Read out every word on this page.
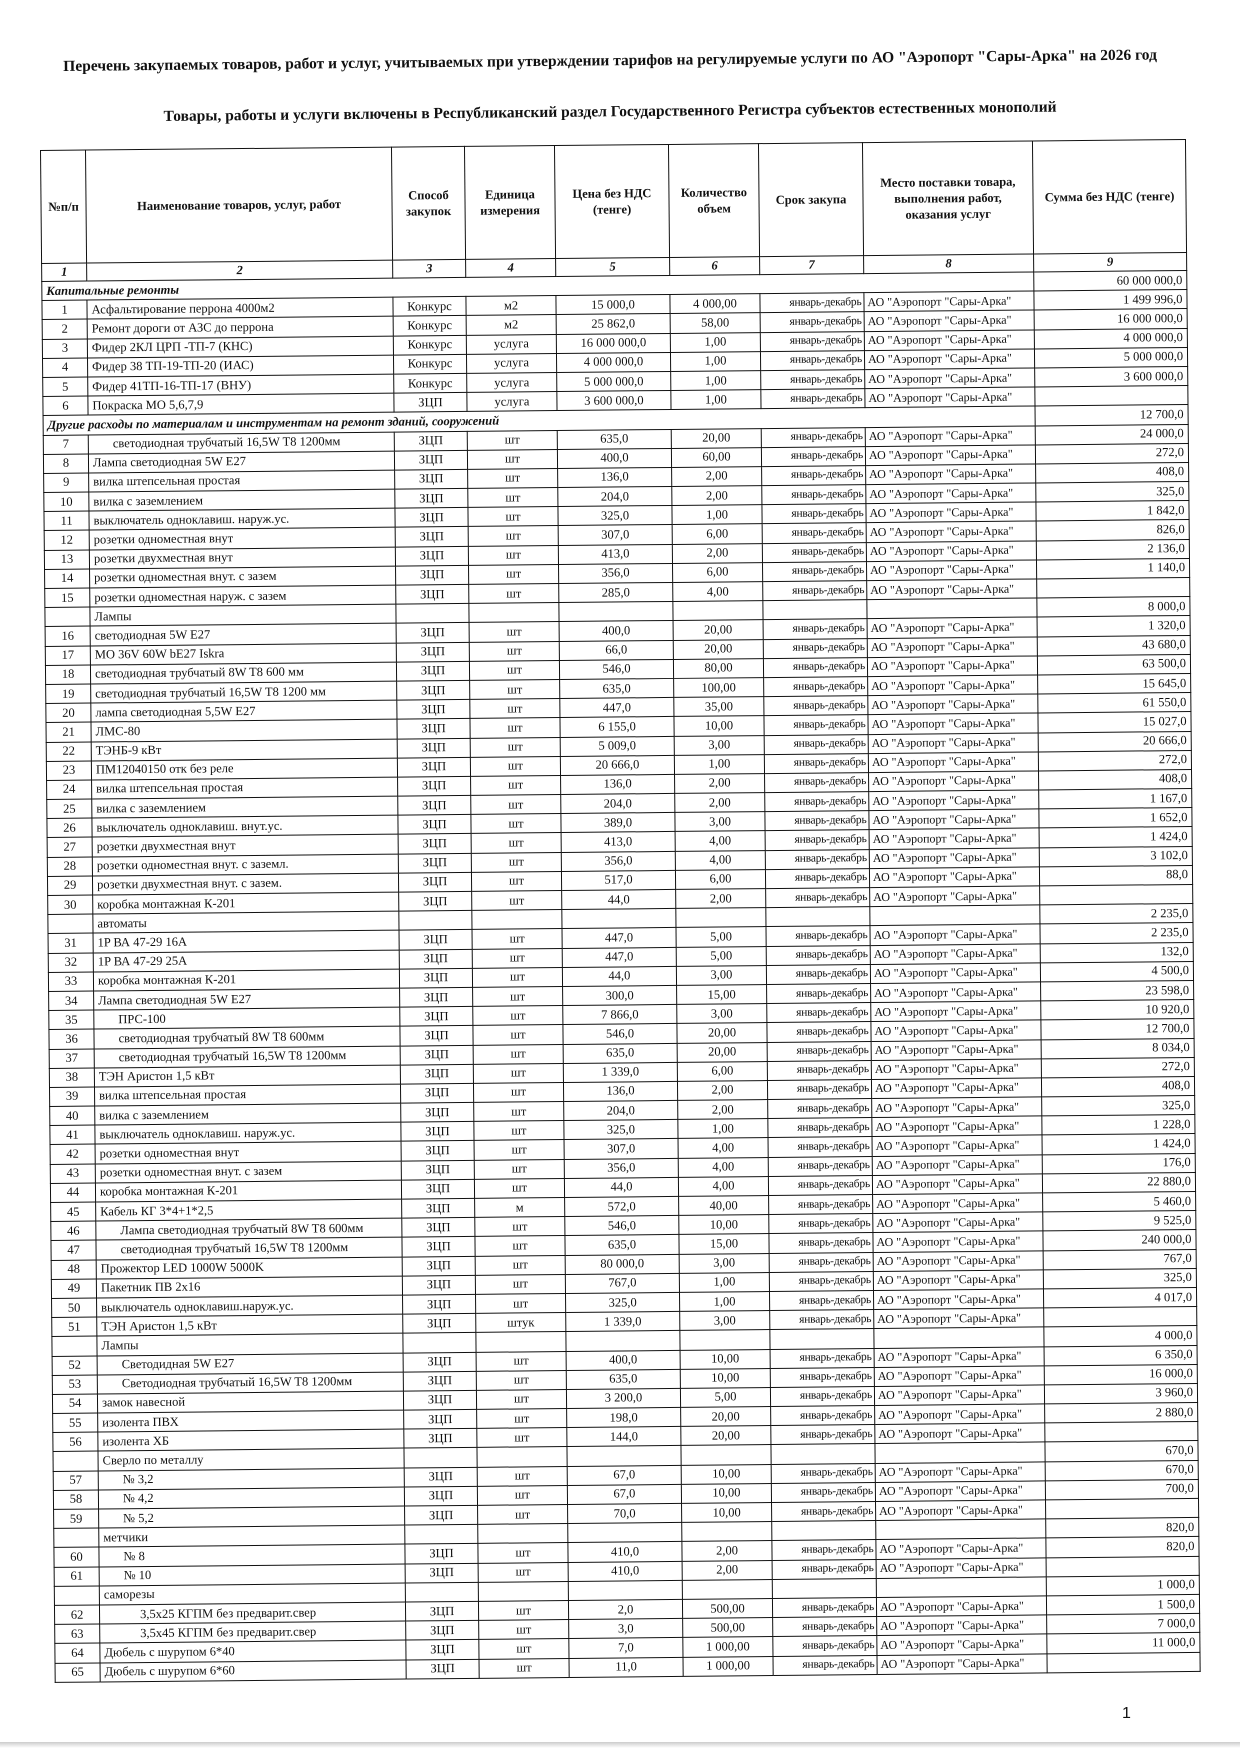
Перечень закупаемых товаров, работ и услуг, учитываемых при утверждении тарифов на регулируемые услуги по АО "Аэропорт "Сары-Арка" на 2026 год
Товары, работы и услуги включены в Республиканский раздел Государственного Регистра субъектов естественных монополий
№п/п	Наименование товаров, услуг, работ	Способ закупок	Единица измерения	Цена без НДС (тенге)	Количество объем	Срок закупа	Место поставки товара, выполнения работ, оказания услуг	Сумма без НДС (тенге)
1	2	3	4	5	6	7	8	9
Капитальные ремонты								60 000 000,0
1	Асфальтирование перрона 4000м2	Конкурс	м2	15 000,0	4 000,00	январь-декабрь	АО "Аэропорт "Сары-Арка"	1 499 996,0
2	Ремонт дороги от АЗС до перрона	Конкурс	м2	25 862,0	58,00	январь-декабрь	АО "Аэропорт "Сары-Арка"	16 000 000,0
3	Фидер 2КЛ ЦРП -ТП-7 (КНС)	Конкурс	услуга	16 000 000,0	1,00	январь-декабрь	АО "Аэропорт "Сары-Арка"	4 000 000,0
4	Фидер 38 ТП-19-ТП-20 (ИАС)	Конкурс	услуга	4 000 000,0	1,00	январь-декабрь	АО "Аэропорт "Сары-Арка"	5 000 000,0
5	Фидер 41ТП-16-ТП-17 (ВНУ)	Конкурс	услуга	5 000 000,0	1,00	январь-декабрь	АО "Аэропорт "Сары-Арка"	3 600 000,0
6	Покраска МО 5,6,7,9	ЗЦП	услуга	3 600 000,0	1,00	январь-декабрь	АО "Аэропорт "Сары-Арка"	
Другие расходы по материалам и инструментам на ремонт зданий, сооружений								12 700,0
7	светодиодная трубчатый 16,5W T8 1200мм	ЗЦП	шт	635,0	20,00	январь-декабрь	АО "Аэропорт "Сары-Арка"	24 000,0
8	Лампа светодиодная 5W E27	ЗЦП	шт	400,0	60,00	январь-декабрь	АО "Аэропорт "Сары-Арка"	272,0
9	вилка штепсельная простая	ЗЦП	шт	136,0	2,00	январь-декабрь	АО "Аэропорт "Сары-Арка"	408,0
10	вилка с заземлением	ЗЦП	шт	204,0	2,00	январь-декабрь	АО "Аэропорт "Сары-Арка"	325,0
11	выключатель одноклавиш. наруж.ус.	ЗЦП	шт	325,0	1,00	январь-декабрь	АО "Аэропорт "Сары-Арка"	1 842,0
12	розетки одноместная внут	ЗЦП	шт	307,0	6,00	январь-декабрь	АО "Аэропорт "Сары-Арка"	826,0
13	розетки двухместная внут	ЗЦП	шт	413,0	2,00	январь-декабрь	АО "Аэропорт "Сары-Арка"	2 136,0
14	розетки одноместная внут. с зазем	ЗЦП	шт	356,0	6,00	январь-декабрь	АО "Аэропорт "Сары-Арка"	1 140,0
15	розетки одноместная наруж. с зазем	ЗЦП	шт	285,0	4,00	январь-декабрь	АО "Аэропорт "Сары-Арка"	
	Лампы							8 000,0
16	светодиодная 5W E27	ЗЦП	шт	400,0	20,00	январь-декабрь	АО "Аэропорт "Сары-Арка"	1 320,0
17	МО 36V 60W bE27 Iskra	ЗЦП	шт	66,0	20,00	январь-декабрь	АО "Аэропорт "Сары-Арка"	43 680,0
18	светодиодная трубчатый 8W T8 600 мм	ЗЦП	шт	546,0	80,00	январь-декабрь	АО "Аэропорт "Сары-Арка"	63 500,0
19	светодиодная трубчатый 16,5W T8 1200 мм	ЗЦП	шт	635,0	100,00	январь-декабрь	АО "Аэропорт "Сары-Арка"	15 645,0
20	лампа светодиодная 5,5W E27	ЗЦП	шт	447,0	35,00	январь-декабрь	АО "Аэропорт "Сары-Арка"	61 550,0
21	ЛМС-80	ЗЦП	шт	6 155,0	10,00	январь-декабрь	АО "Аэропорт "Сары-Арка"	15 027,0
22	ТЭНБ-9 кВт	ЗЦП	шт	5 009,0	3,00	январь-декабрь	АО "Аэропорт "Сары-Арка"	20 666,0
23	ПМ12040150 отк без реле	ЗЦП	шт	20 666,0	1,00	январь-декабрь	АО "Аэропорт "Сары-Арка"	272,0
24	вилка штепсельная простая	ЗЦП	шт	136,0	2,00	январь-декабрь	АО "Аэропорт "Сары-Арка"	408,0
25	вилка с заземлением	ЗЦП	шт	204,0	2,00	январь-декабрь	АО "Аэропорт "Сары-Арка"	1 167,0
26	выключатель одноклавиш. внут.ус.	ЗЦП	шт	389,0	3,00	январь-декабрь	АО "Аэропорт "Сары-Арка"	1 652,0
27	розетки двухместная внут	ЗЦП	шт	413,0	4,00	январь-декабрь	АО "Аэропорт "Сары-Арка"	1 424,0
28	розетки одноместная внут. с заземл.	ЗЦП	шт	356,0	4,00	январь-декабрь	АО "Аэропорт "Сары-Арка"	3 102,0
29	розетки двухместная внут. с зазем.	ЗЦП	шт	517,0	6,00	январь-декабрь	АО "Аэропорт "Сары-Арка"	88,0
30	коробка монтажная К-201	ЗЦП	шт	44,0	2,00	январь-декабрь	АО "Аэропорт "Сары-Арка"	
	автоматы							2 235,0
31	1P ВА 47-29 16А	ЗЦП	шт	447,0	5,00	январь-декабрь	АО "Аэропорт "Сары-Арка"	2 235,0
32	1P ВА 47-29 25А	ЗЦП	шт	447,0	5,00	январь-декабрь	АО "Аэропорт "Сары-Арка"	132,0
33	коробка монтажная К-201	ЗЦП	шт	44,0	3,00	январь-декабрь	АО "Аэропорт "Сары-Арка"	4 500,0
34	Лампа светодиодная 5W E27	ЗЦП	шт	300,0	15,00	январь-декабрь	АО "Аэропорт "Сары-Арка"	23 598,0
35	ПРС-100	ЗЦП	шт	7 866,0	3,00	январь-декабрь	АО "Аэропорт "Сары-Арка"	10 920,0
36	светодиодная трубчатый 8W T8 600мм	ЗЦП	шт	546,0	20,00	январь-декабрь	АО "Аэропорт "Сары-Арка"	12 700,0
37	светодиодная трубчатый 16,5W T8 1200мм	ЗЦП	шт	635,0	20,00	январь-декабрь	АО "Аэропорт "Сары-Арка"	8 034,0
38	ТЭН Аристон 1,5 кВт	ЗЦП	шт	1 339,0	6,00	январь-декабрь	АО "Аэропорт "Сары-Арка"	272,0
39	вилка штепсельная простая	ЗЦП	шт	136,0	2,00	январь-декабрь	АО "Аэропорт "Сары-Арка"	408,0
40	вилка с заземлением	ЗЦП	шт	204,0	2,00	январь-декабрь	АО "Аэропорт "Сары-Арка"	325,0
41	выключатель одноклавиш. наруж.ус.	ЗЦП	шт	325,0	1,00	январь-декабрь	АО "Аэропорт "Сары-Арка"	1 228,0
42	розетки одноместная внут	ЗЦП	шт	307,0	4,00	январь-декабрь	АО "Аэропорт "Сары-Арка"	1 424,0
43	розетки одноместная внут. с зазем	ЗЦП	шт	356,0	4,00	январь-декабрь	АО "Аэропорт "Сары-Арка"	176,0
44	коробка монтажная К-201	ЗЦП	шт	44,0	4,00	январь-декабрь	АО "Аэропорт "Сары-Арка"	22 880,0
45	Кабель КГ 3*4+1*2,5	ЗЦП	м	572,0	40,00	январь-декабрь	АО "Аэропорт "Сары-Арка"	5 460,0
46	Лампа светодиодная трубчатый 8W T8 600мм	ЗЦП	шт	546,0	10,00	январь-декабрь	АО "Аэропорт "Сары-Арка"	9 525,0
47	светодиодная трубчатый 16,5W T8 1200мм	ЗЦП	шт	635,0	15,00	январь-декабрь	АО "Аэропорт "Сары-Арка"	240 000,0
48	Прожектор LED 1000W 5000K	ЗЦП	шт	80 000,0	3,00	январь-декабрь	АО "Аэропорт "Сары-Арка"	767,0
49	Пакетник ПВ 2х16	ЗЦП	шт	767,0	1,00	январь-декабрь	АО "Аэропорт "Сары-Арка"	325,0
50	выключатель одноклавиш.наруж.ус.	ЗЦП	шт	325,0	1,00	январь-декабрь	АО "Аэропорт "Сары-Арка"	4 017,0
51	ТЭН Аристон 1,5 кВт	ЗЦП	штук	1 339,0	3,00	январь-декабрь	АО "Аэропорт "Сары-Арка"	
	Лампы							4 000,0
52	Светодидная 5W E27	ЗЦП	шт	400,0	10,00	январь-декабрь	АО "Аэропорт "Сары-Арка"	6 350,0
53	Светодиодная трубчатый 16,5W T8 1200мм	ЗЦП	шт	635,0	10,00	январь-декабрь	АО "Аэропорт "Сары-Арка"	16 000,0
54	замок навесной	ЗЦП	шт	3 200,0	5,00	январь-декабрь	АО "Аэропорт "Сары-Арка"	3 960,0
55	изолента ПВХ	ЗЦП	шт	198,0	20,00	январь-декабрь	АО "Аэропорт "Сары-Арка"	2 880,0
56	изолента ХБ	ЗЦП	шт	144,0	20,00	январь-декабрь	АО "Аэропорт "Сары-Арка"	
	Сверло по металлу							670,0
57	№ 3,2	ЗЦП	шт	67,0	10,00	январь-декабрь	АО "Аэропорт "Сары-Арка"	670,0
58	№ 4,2	ЗЦП	шт	67,0	10,00	январь-декабрь	АО "Аэропорт "Сары-Арка"	700,0
59	№ 5,2	ЗЦП	шт	70,0	10,00	январь-декабрь	АО "Аэропорт "Сары-Арка"	
	метчики							820,0
60	№ 8	ЗЦП	шт	410,0	2,00	январь-декабрь	АО "Аэропорт "Сары-Арка"	820,0
61	№ 10	ЗЦП	шт	410,0	2,00	январь-декабрь	АО "Аэропорт "Сары-Арка"	
	саморезы							1 000,0
62	3,5х25 КГПМ без предварит.свер	ЗЦП	шт	2,0	500,00	январь-декабрь	АО "Аэропорт "Сары-Арка"	1 500,0
63	3,5х45 КГПМ без предварит.свер	ЗЦП	шт	3,0	500,00	январь-декабрь	АО "Аэропорт "Сары-Арка"	7 000,0
64	Дюбель с шурупом 6*40	ЗЦП	шт	7,0	1 000,00	январь-декабрь	АО "Аэропорт "Сары-Арка"	11 000,0
65	Дюбель с шурупом 6*60	ЗЦП	шт	11,0	1 000,00	январь-декабрь	АО "Аэропорт "Сары-Арка"	
1
